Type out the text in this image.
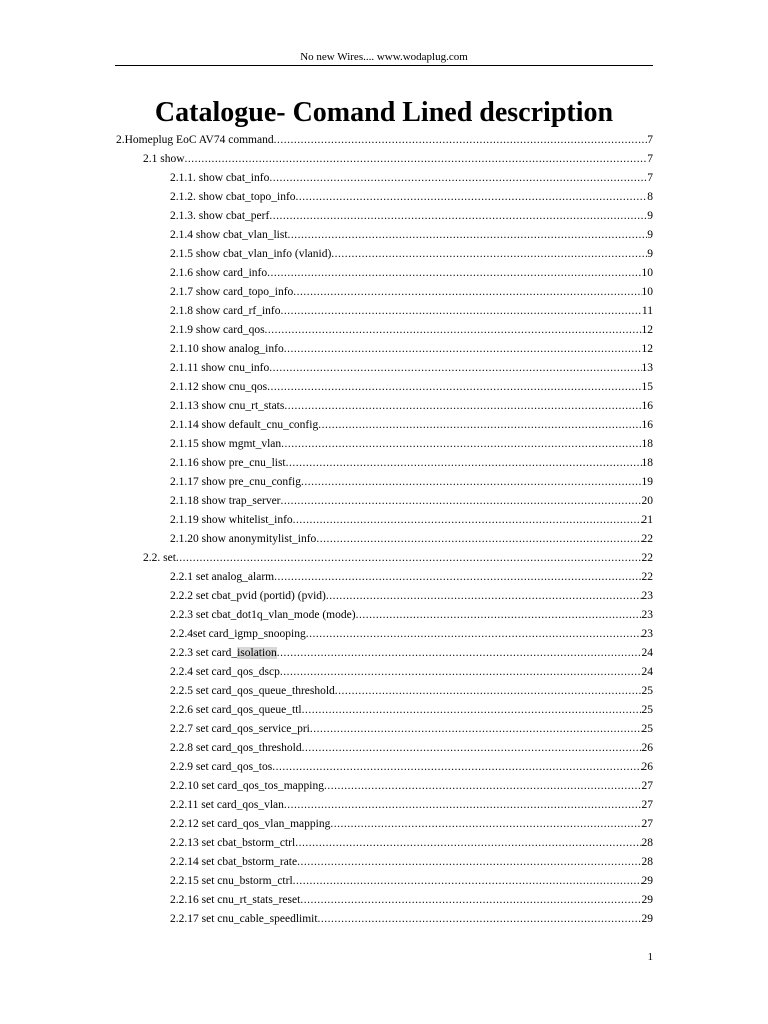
No new Wires.... www.wodaplug.com
Catalogue- Comand Lined description
2.Homeplug EoC AV74 command .....	7
2.1 show .....	7
2.1.1. show cbat_info .....	7
2.1.2. show cbat_topo_info .....	8
2.1.3. show cbat_perf .....	9
2.1.4 show cbat_vlan_list .....	9
2.1.5 show cbat_vlan_info (vlanid) .....	9
2.1.6 show card_info .....	10
2.1.7 show card_topo_info .....	10
2.1.8 show card_rf_info .....	11
2.1.9 show card_qos .....	12
2.1.10 show analog_info .....	12
2.1.11 show cnu_info .....	13
2.1.12 show cnu_qos .....	15
2.1.13 show cnu_rt_stats .....	16
2.1.14 show default_cnu_config .....	16
2.1.15 show mgmt_vlan .....	18
2.1.16 show pre_cnu_list .....	18
2.1.17 show pre_cnu_config .....	19
2.1.18 show trap_server .....	20
2.1.19 show whitelist_info .....	21
2.1.20 show anonymitylist_info .....	22
2.2. set .....	22
2.2.1 set analog_alarm .....	22
2.2.2 set cbat_pvid (portid) (pvid) .....	23
2.2.3 set cbat_dot1q_vlan_mode (mode) .....	23
2.2.4set card_igmp_snooping .....	23
2.2.3 set card_isolation .....	24
2.2.4 set card_qos_dscp .....	24
2.2.5 set card_qos_queue_threshold .....	25
2.2.6 set card_qos_queue_ttl .....	25
2.2.7 set card_qos_service_pri .....	25
2.2.8 set card_qos_threshold .....	26
2.2.9 set card_qos_tos .....	26
2.2.10 set card_qos_tos_mapping .....	27
2.2.11 set card_qos_vlan .....	27
2.2.12 set card_qos_vlan_mapping .....	27
2.2.13 set cbat_bstorm_ctrl .....	28
2.2.14 set cbat_bstorm_rate .....	28
2.2.15 set cnu_bstorm_ctrl .....	29
2.2.16 set cnu_rt_stats_reset .....	29
2.2.17 set cnu_cable_speedlimit .....	29
1
